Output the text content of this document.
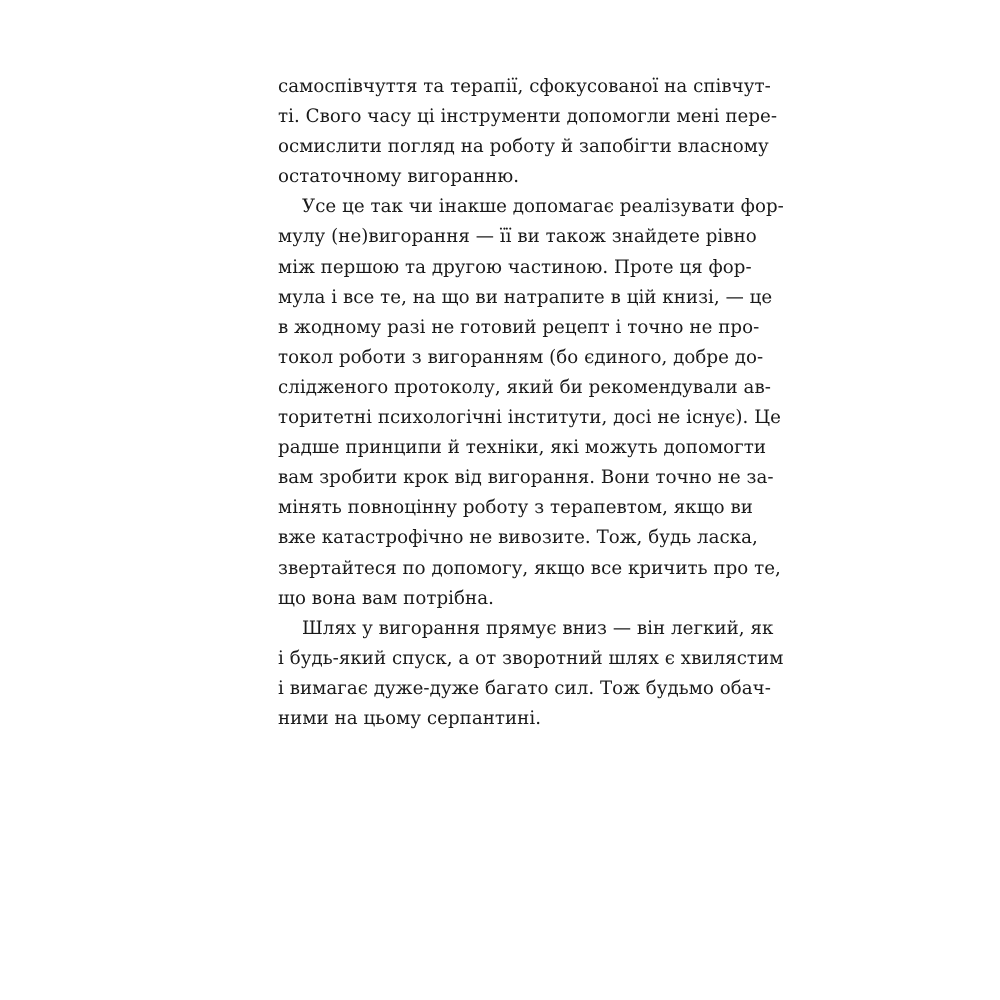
самоспівчуття та терапії, сфокусованої на співчут-
ті. Свого часу ці інструменти допомогли мені пере-
осмислити погляд на роботу й запобігти власному
остаточному вигоранню.

Усе це так чи інакше допомагає реалізувати фор-
мулу (не)вигорання — її ви також знайдете рівно
між першою та другою частиною. Проте ця фор-
мула і все те, на що ви натрапите в цій книзі, — це
в жодному разі не готовий рецепт і точно не про-
токол роботи з вигоранням (бо єдиного, добре до-
слідженого протоколу, який би рекомендували ав-
торитетні психологічні інститути, досі не існує). Це
радше принципи й техніки, які можуть допомогти
вам зробити крок від вигорання. Вони точно не за-
мінять повноцінну роботу з терапевтом, якщо ви
вже катастрофічно не вивозите. Тож, будь ласка,
звертайтеся по допомогу, якщо все кричить про те,
що вона вам потрібна.

Шлях у вигорання прямує вниз — він легкий, як
і будь-який спуск, а от зворотний шлях є хвилястим
і вимагає дуже-дуже багато сил. Тож будьмо обач-
ними на цьому серпантині.
